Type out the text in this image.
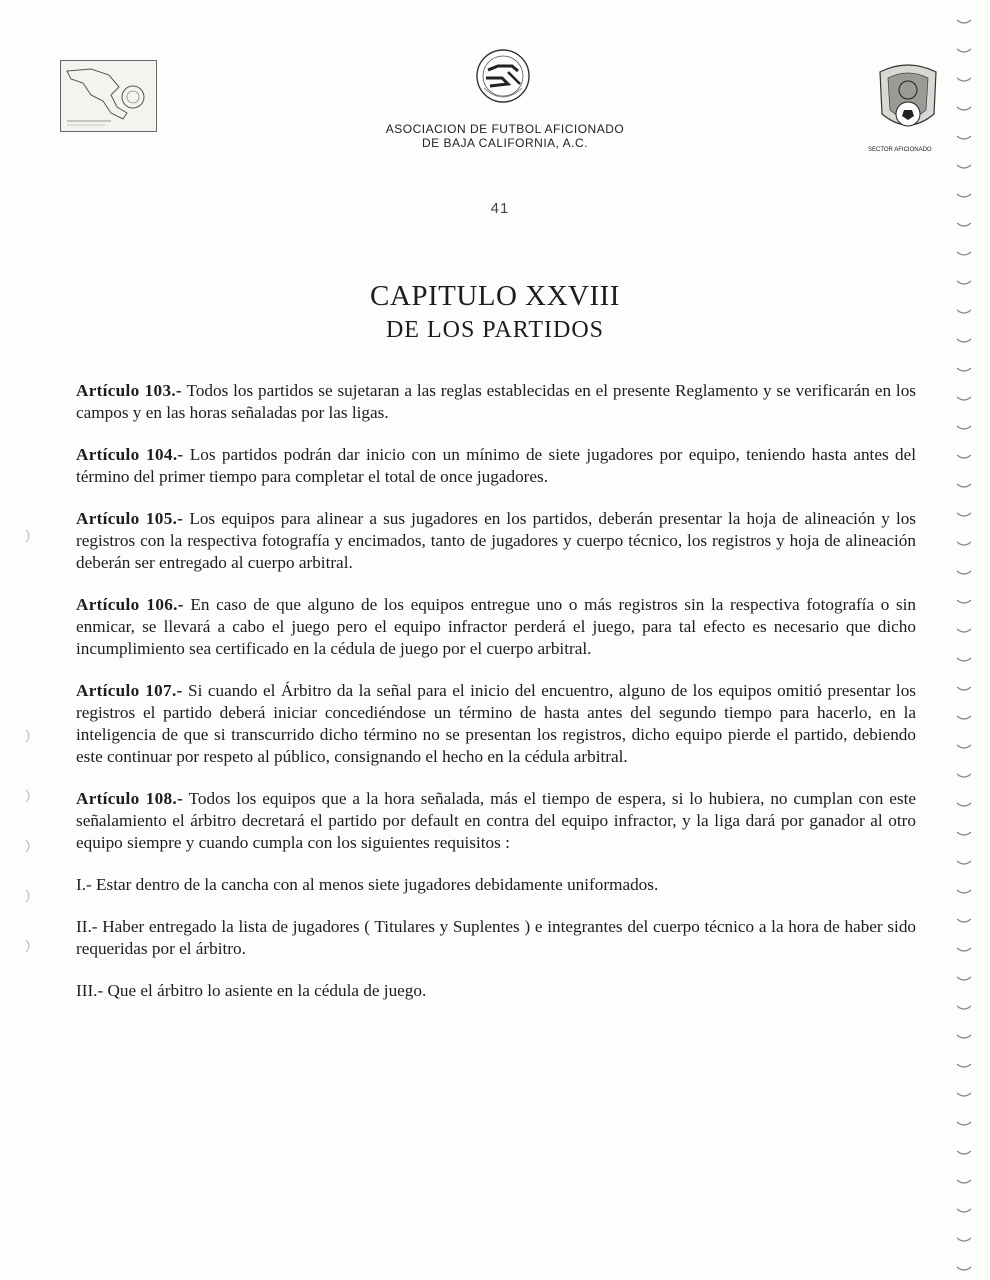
ASOCIACION DE FUTBOL AFICIONADO
DE BAJA CALIFORNIA, A.C.	SECTOR AFICIONADO
41
CAPITULO XXVIII
DE LOS PARTIDOS

Artículo 103.- Todos los partidos se sujetaran a las reglas establecidas en el presente Reglamento y se verificarán en los campos y en las horas señaladas por las ligas.

Artículo 104.- Los partidos podrán dar inicio con un mínimo de siete jugadores por equipo, teniendo hasta antes del término del primer tiempo para completar el total de once jugadores.

Artículo 105.- Los equipos para alinear a sus jugadores en los partidos, deberán presentar la hoja de alineación y los registros con la respectiva fotografía y encimados, tanto de jugadores y cuerpo técnico, los registros y hoja de alineación deberán ser entregado al cuerpo arbitral.

Artículo 106.- En caso de que alguno de los equipos entregue uno o más registros sin la respectiva fotografía o sin enmicar, se llevará a cabo el juego pero el equipo infractor perderá el juego, para tal efecto es necesario que dicho incumplimiento sea certificado en la cédula de juego por el cuerpo arbitral.

Artículo 107.- Si cuando el Árbitro da la señal para el inicio del encuentro, alguno de los equipos omitió presentar los registros el partido deberá iniciar concediéndose un término de hasta antes del segundo tiempo para hacerlo, en la inteligencia de que si transcurrido dicho término no se presentan los registros, dicho equipo pierde el partido, debiendo este continuar por respeto al público, consignando el hecho en la cédula arbitral.

Artículo 108.- Todos los equipos que a la hora señalada, más el tiempo de espera, si lo hubiera, no cumplan con este señalamiento el árbitro decretará el partido por default en contra del equipo infractor, y la liga dará por ganador al otro equipo siempre y cuando cumpla con los siguientes requisitos :

I.- Estar dentro de la cancha con al menos siete jugadores debidamente uniformados.

II.- Haber entregado la lista de jugadores ( Titulares y Suplentes ) e integrantes del cuerpo técnico a la hora de haber sido requeridas por el árbitro.

III.- Que el árbitro lo asiente en la cédula de juego.
